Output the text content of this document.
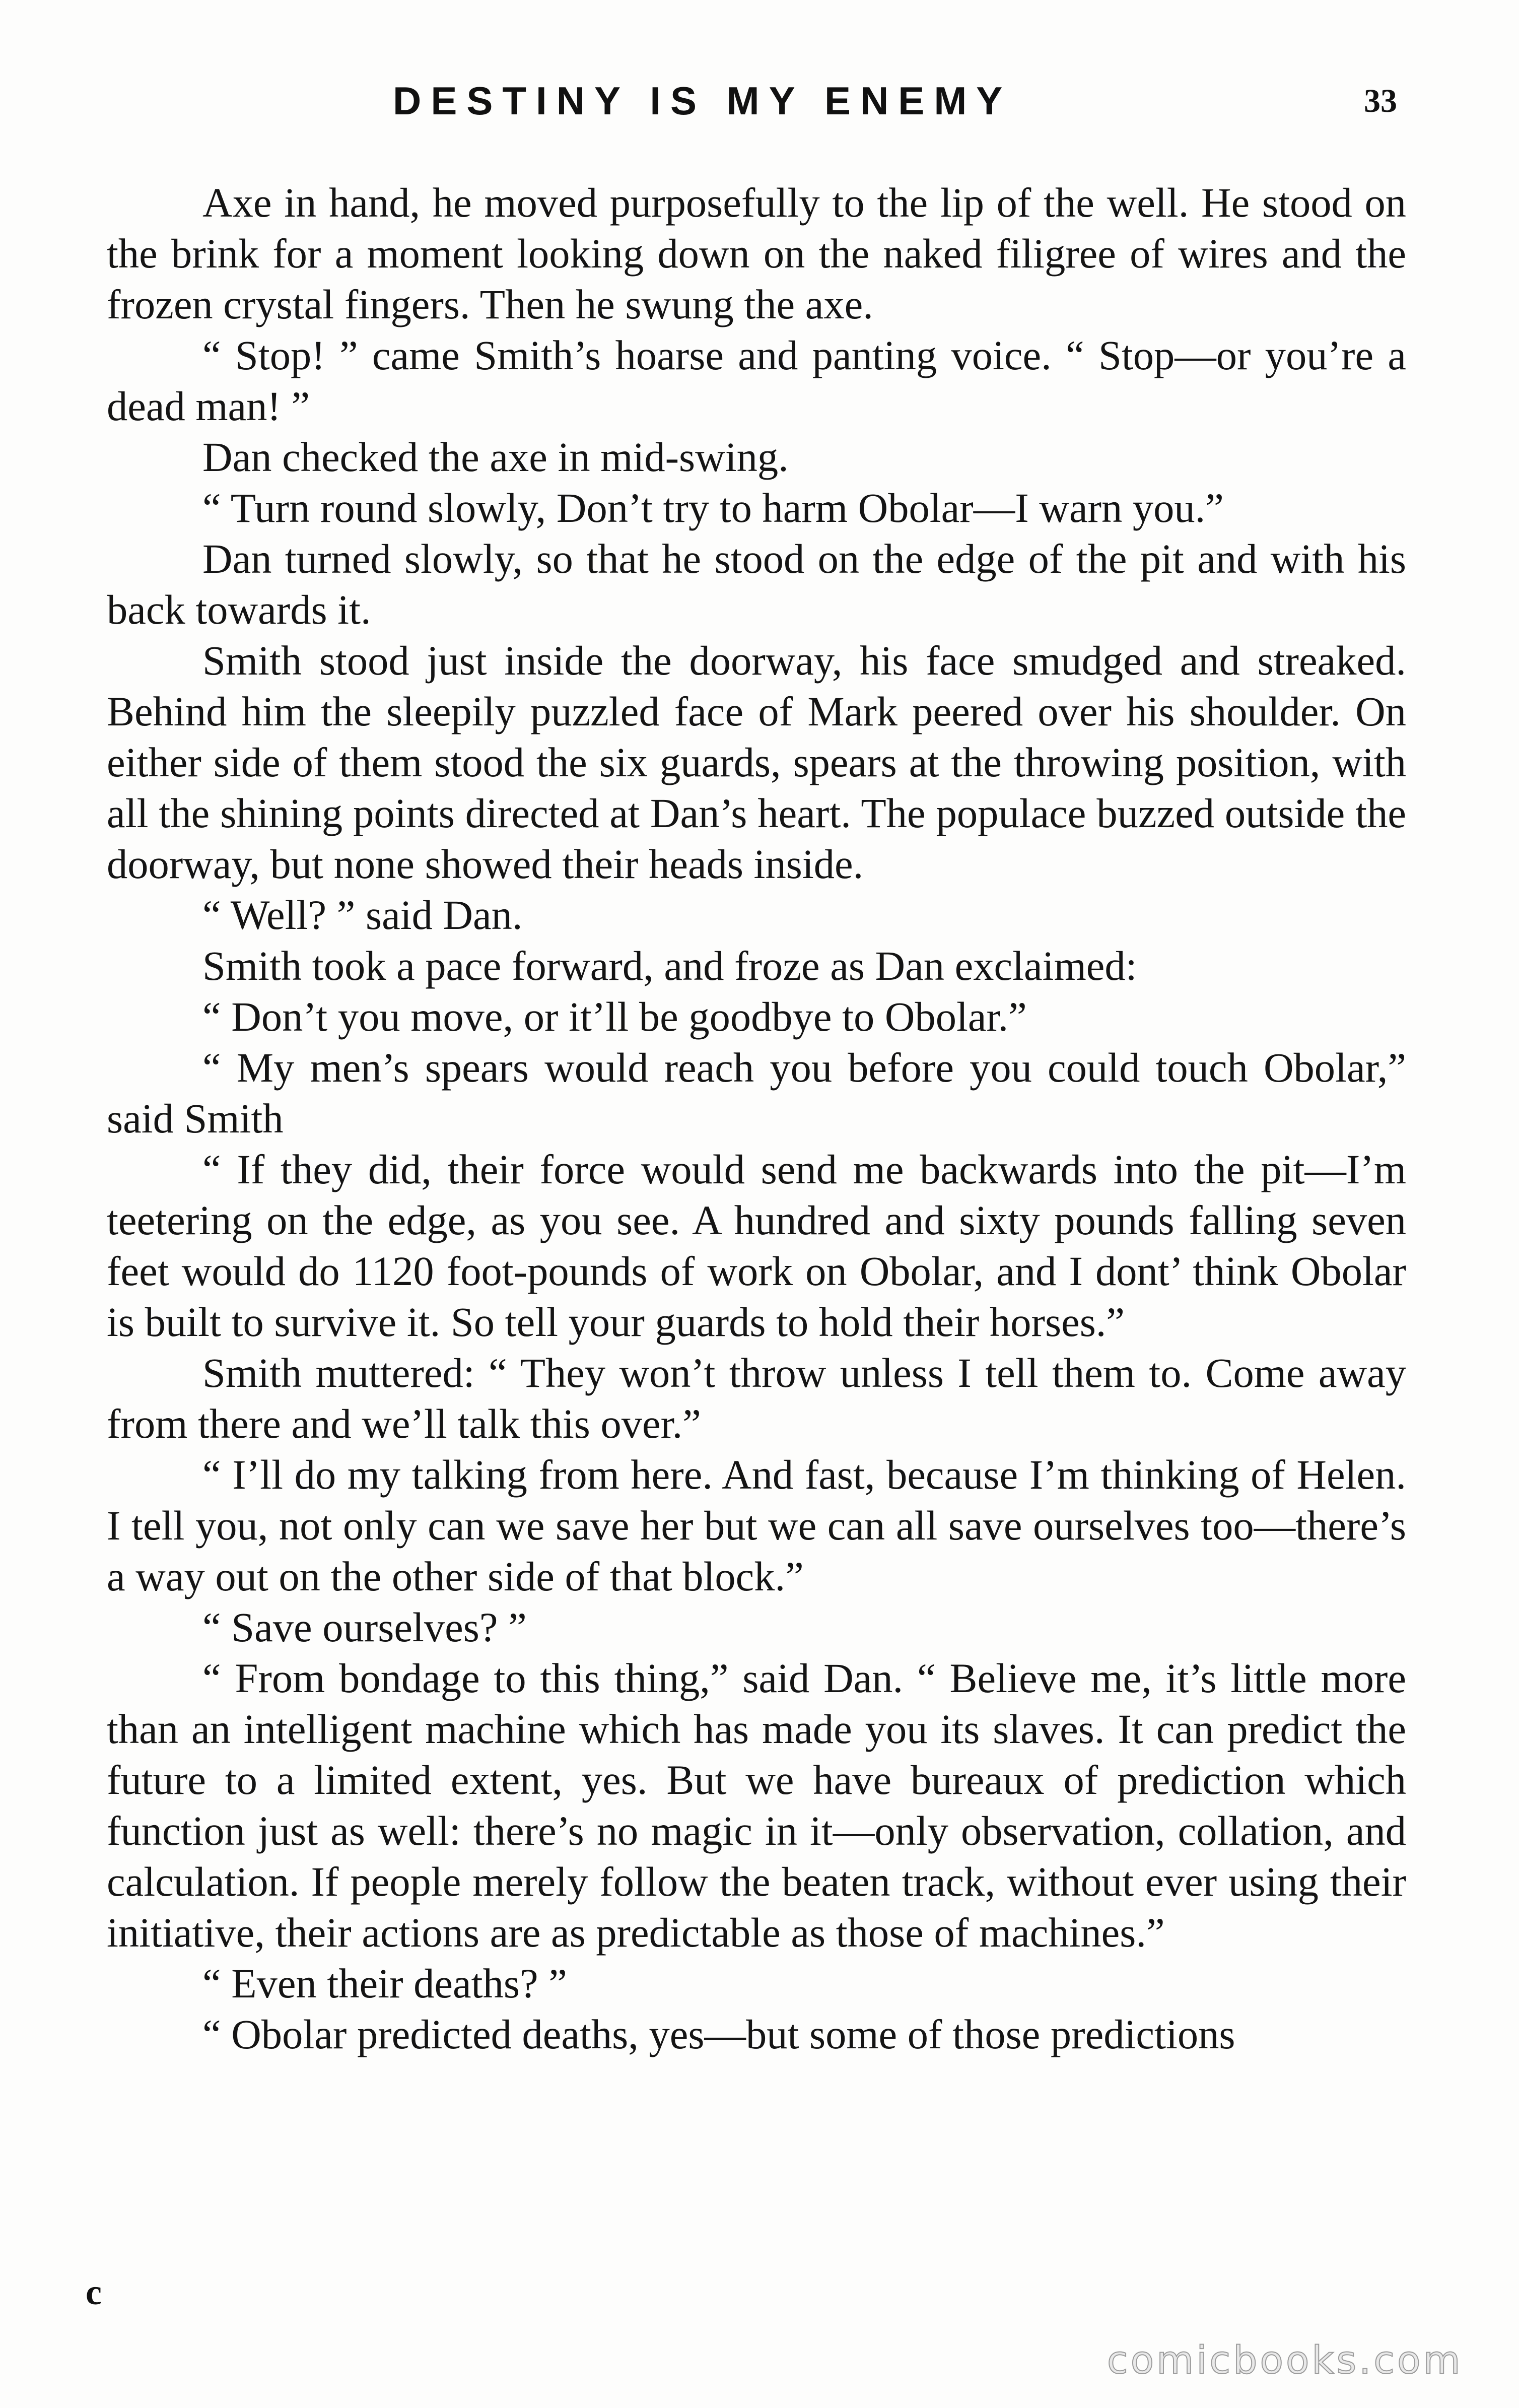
DESTINY IS MY ENEMY	33

Axe in hand, he moved purposefully to the lip of the well. He stood on the brink for a moment looking down on the naked filigree of wires and the frozen crystal fingers. Then he swung the axe.

“ Stop! ” came Smith’s hoarse and panting voice. “ Stop—or you’re a dead man! ”

Dan checked the axe in mid-swing.

“ Turn round slowly, Don’t try to harm Obolar—I warn you.”

Dan turned slowly, so that he stood on the edge of the pit and with his back towards it.

Smith stood just inside the doorway, his face smudged and streaked. Behind him the sleepily puzzled face of Mark peered over his shoulder. On either side of them stood the six guards, spears at the throwing position, with all the shining points directed at Dan’s heart. The populace buzzed outside the doorway, but none showed their heads inside.

“ Well? ” said Dan.

Smith took a pace forward, and froze as Dan exclaimed:

“ Don’t you move, or it’ll be goodbye to Obolar.”

“ My men’s spears would reach you before you could touch Obolar,” said Smith

“ If they did, their force would send me backwards into the pit—I’m teetering on the edge, as you see. A hundred and sixty pounds falling seven feet would do 1120 foot-pounds of work on Obolar, and I dont’ think Obolar is built to survive it. So tell your guards to hold their horses.”

Smith muttered: “ They won’t throw unless I tell them to. Come away from there and we’ll talk this over.”

“ I’ll do my talking from here. And fast, because I’m thinking of Helen. I tell you, not only can we save her but we can all save ourselves too—there’s a way out on the other side of that block.”

“ Save ourselves? ”

“ From bondage to this thing,” said Dan. “ Believe me, it’s little more than an intelligent machine which has made you its slaves. It can predict the future to a limited extent, yes. But we have bureaux of prediction which function just as well: there’s no magic in it—only observation, collation, and calculation. If people merely follow the beaten track, without ever using their initiative, their actions are as predictable as those of machines.”

“ Even their deaths? ”

“ Obolar predicted deaths, yes—but some of those predictions

c
comicbooks.com
